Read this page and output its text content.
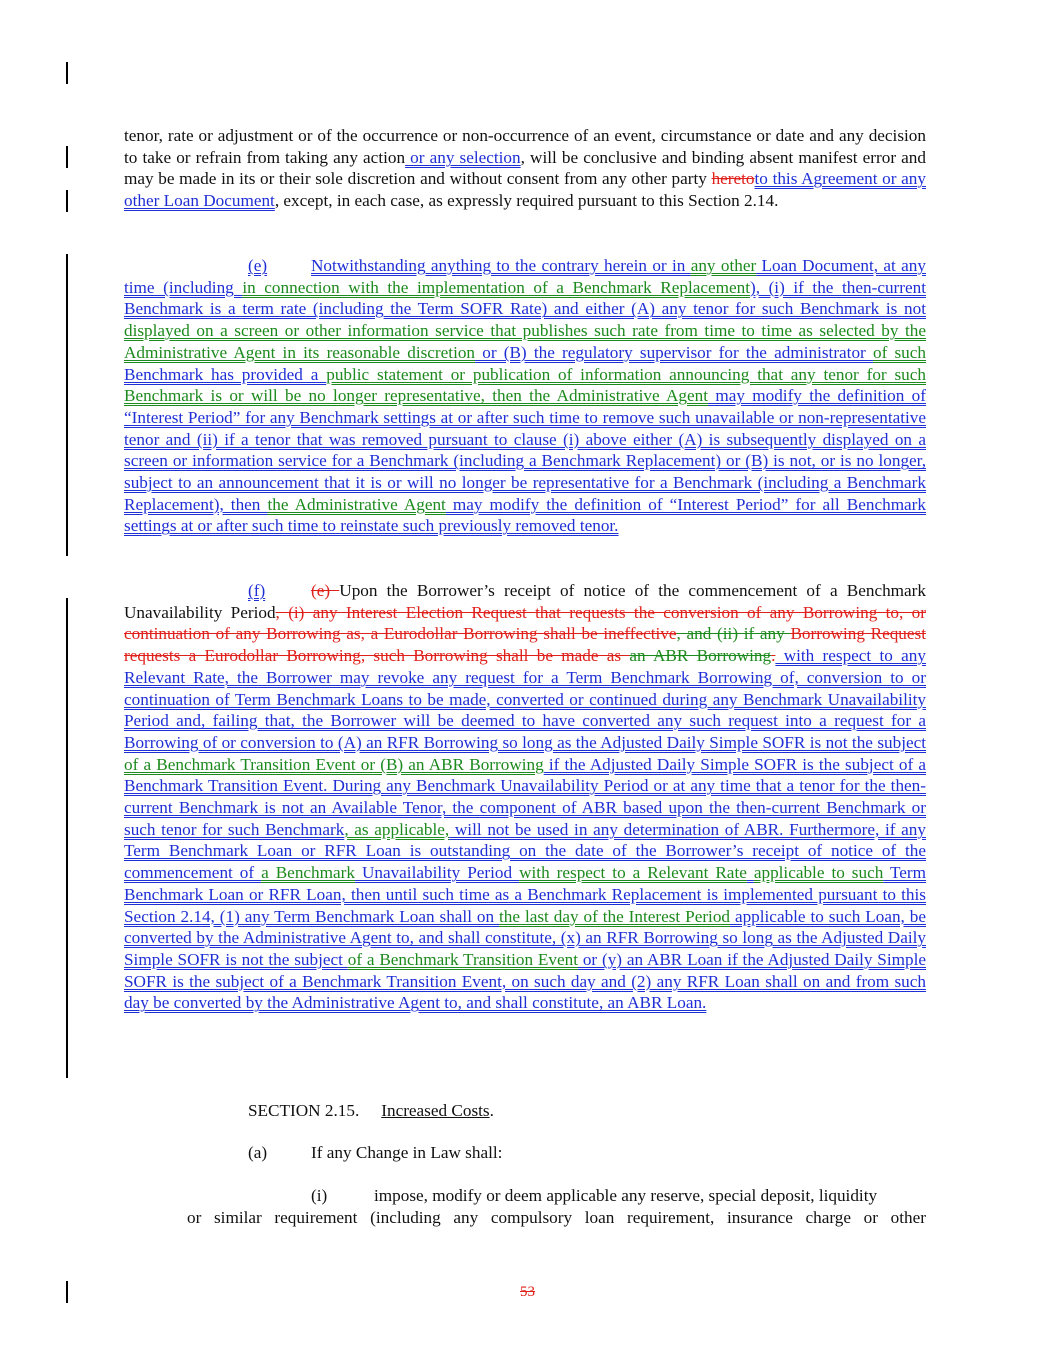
tenor, rate or adjustment or of the occurrence or non-occurrence of an event, circumstance or date and any decision to take or refrain from taking any action or any selection, will be conclusive and binding absent manifest error and may be made in its or their sole discretion and without consent from any other party heretoto this Agreement or any other Loan Document, except, in each case, as expressly required pursuant to this Section 2.14.

(e)	Notwithstanding anything to the contrary herein or in any other Loan Document, at any time (including in connection with the implementation of a Benchmark Replacement), (i) if the then-current Benchmark is a term rate (including the Term SOFR Rate) and either (A) any tenor for such Benchmark is not displayed on a screen or other information service that publishes such rate from time to time as selected by the Administrative Agent in its reasonable discretion or (B) the regulatory supervisor for the administrator of such Benchmark has provided a public statement or publication of information announcing that any tenor for such Benchmark is or will be no longer representative, then the Administrative Agent may modify the definition of “Interest Period” for any Benchmark settings at or after such time to remove such unavailable or non-representative tenor and (ii) if a tenor that was removed pursuant to clause (i) above either (A) is subsequently displayed on a screen or information service for a Benchmark (including a Benchmark Replacement) or (B) is not, or is no longer, subject to an announcement that it is or will no longer be representative for a Benchmark (including a Benchmark Replacement), then the Administrative Agent may modify the definition of “Interest Period” for all Benchmark settings at or after such time to reinstate such previously removed tenor.

(f)	(e) Upon the Borrower’s receipt of notice of the commencement of a Benchmark Unavailability Period, (i) any Interest Election Request that requests the conversion of any Borrowing to, or continuation of any Borrowing as, a Eurodollar Borrowing shall be ineffective, and (ii) if any Borrowing Request requests a Eurodollar Borrowing, such Borrowing shall be made as an ABR Borrowing. with respect to any Relevant Rate, the Borrower may revoke any request for a Term Benchmark Borrowing of, conversion to or continuation of Term Benchmark Loans to be made, converted or continued during any Benchmark Unavailability Period and, failing that, the Borrower will be deemed to have converted any such request into a request for a Borrowing of or conversion to (A) an RFR Borrowing so long as the Adjusted Daily Simple SOFR is not the subject of a Benchmark Transition Event or (B) an ABR Borrowing if the Adjusted Daily Simple SOFR is the subject of a Benchmark Transition Event. During any Benchmark Unavailability Period or at any time that a tenor for the then-current Benchmark is not an Available Tenor, the component of ABR based upon the then-current Benchmark or such tenor for such Benchmark, as applicable, will not be used in any determination of ABR. Furthermore, if any Term Benchmark Loan or RFR Loan is outstanding on the date of the Borrower’s receipt of notice of the commencement of a Benchmark Unavailability Period with respect to a Relevant Rate applicable to such Term Benchmark Loan or RFR Loan, then until such time as a Benchmark Replacement is implemented pursuant to this Section 2.14, (1) any Term Benchmark Loan shall on the last day of the Interest Period applicable to such Loan, be converted by the Administrative Agent to, and shall constitute, (x) an RFR Borrowing so long as the Adjusted Daily Simple SOFR is not the subject of a Benchmark Transition Event or (y) an ABR Loan if the Adjusted Daily Simple SOFR is the subject of a Benchmark Transition Event, on such day and (2) any RFR Loan shall on and from such day be converted by the Administrative Agent to, and shall constitute, an ABR Loan.

SECTION 2.15. Increased Costs.
(a)	If any Change in Law shall:
(i)	impose, modify or deem applicable any reserve, special deposit, liquidity
or similar requirement (including any compulsory loan requirement, insurance charge or other
53
